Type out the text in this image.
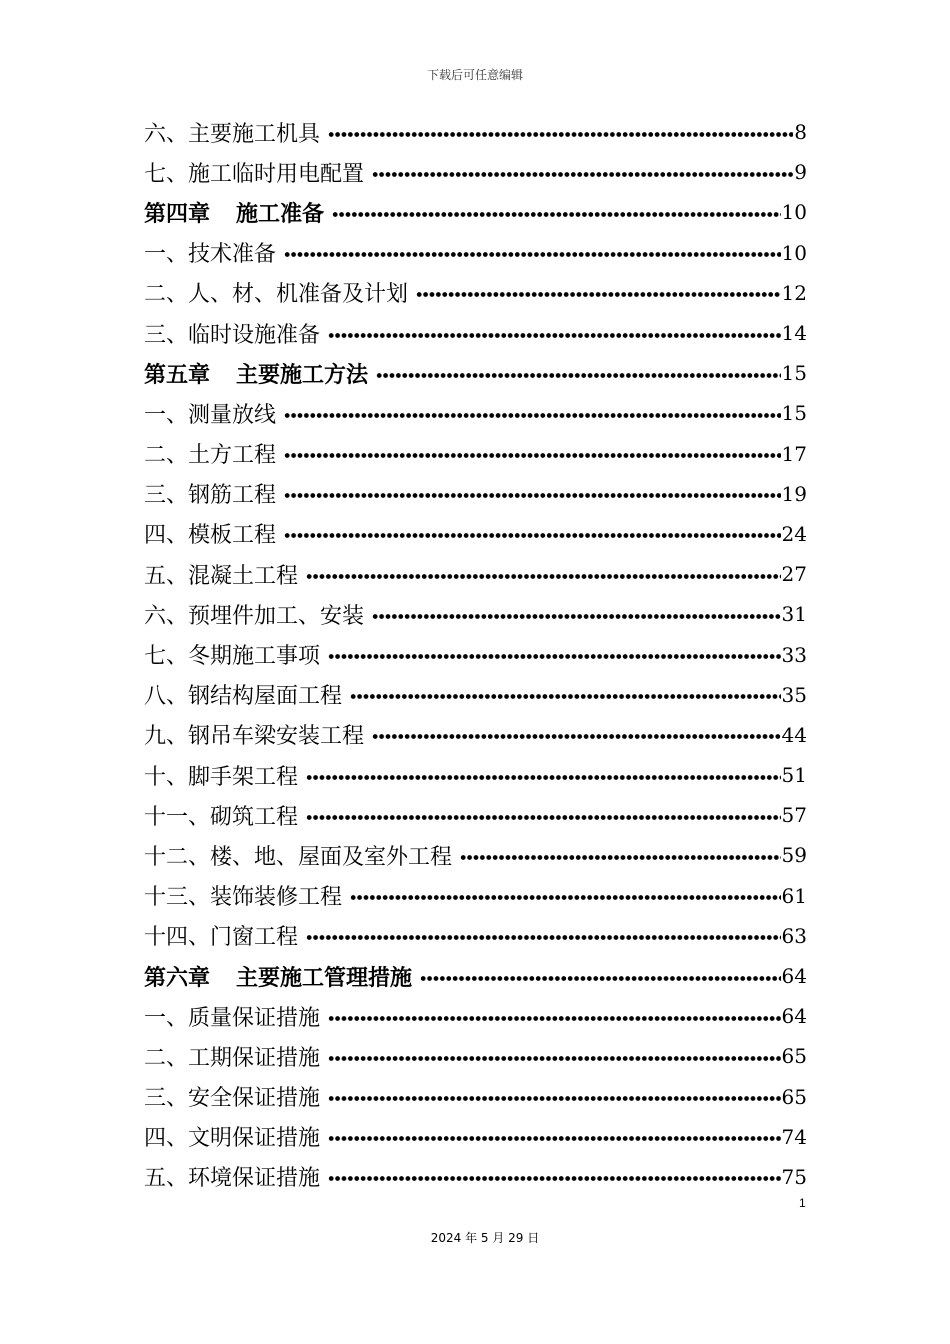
下载后可任意编辑
六、主要施工机具	8
七、施工临时用电配置	9
第四章 施工准备	10
一、技术准备	10
二、人、材、机准备及计划	12
三、临时设施准备	14
第五章 主要施工方法	15
一、测量放线	15
二、土方工程	17
三、钢筋工程	19
四、模板工程	24
五、混凝土工程	27
六、预埋件加工、安装	31
七、冬期施工事项	33
八、钢结构屋面工程	35
九、钢吊车梁安装工程	44
十、脚手架工程	51
十一、砌筑工程	57
十二、楼、地、屋面及室外工程	59
十三、装饰装修工程	61
十四、门窗工程	63
第六章 主要施工管理措施	64
一、质量保证措施	64
二、工期保证措施	65
三、安全保证措施	65
四、文明保证措施	74
五、环境保证措施	75
1
2024 年 5 月 29 日
